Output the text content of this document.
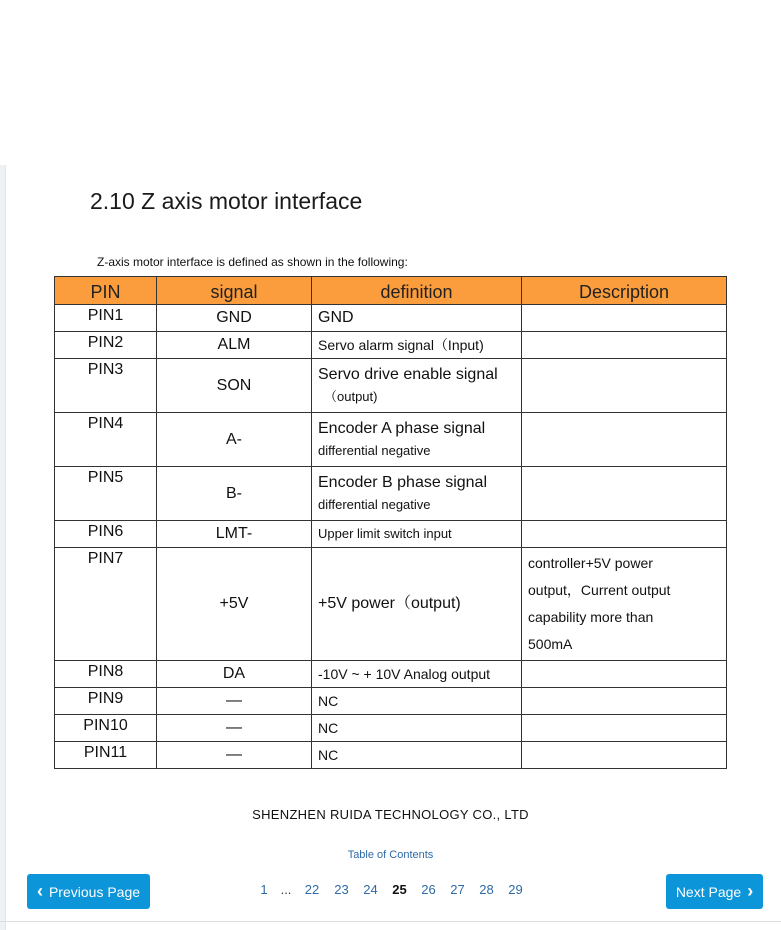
2.10 Z axis motor interface
Z-axis motor interface is defined as shown in the following:
PIN	signal	definition	Description
PIN1	GND	GND	

PIN2	ALM	Servo alarm signal（Input)	

PIN3	SON	Servo drive enable signal
（output)	

PIN4	A-	Encoder A phase signal
differential negative	

PIN5	B-	Encoder B phase signal
differential negative	

PIN6	LMT-	Upper limit switch input	

PIN7	+5V	+5V power（output)	controller+5V power
output，Current output
capability more than
500mA

PIN8	DA	-10V ~ + 10V Analog output	

PIN9	—	NC	

PIN10	—	NC	

PIN11	—	NC	

SHENZHEN RUIDA TECHNOLOGY CO., LTD
Table of Contents
‹ Previous Page	1 ...	22	23	24	25	26	27	28	29	Next Page ›
